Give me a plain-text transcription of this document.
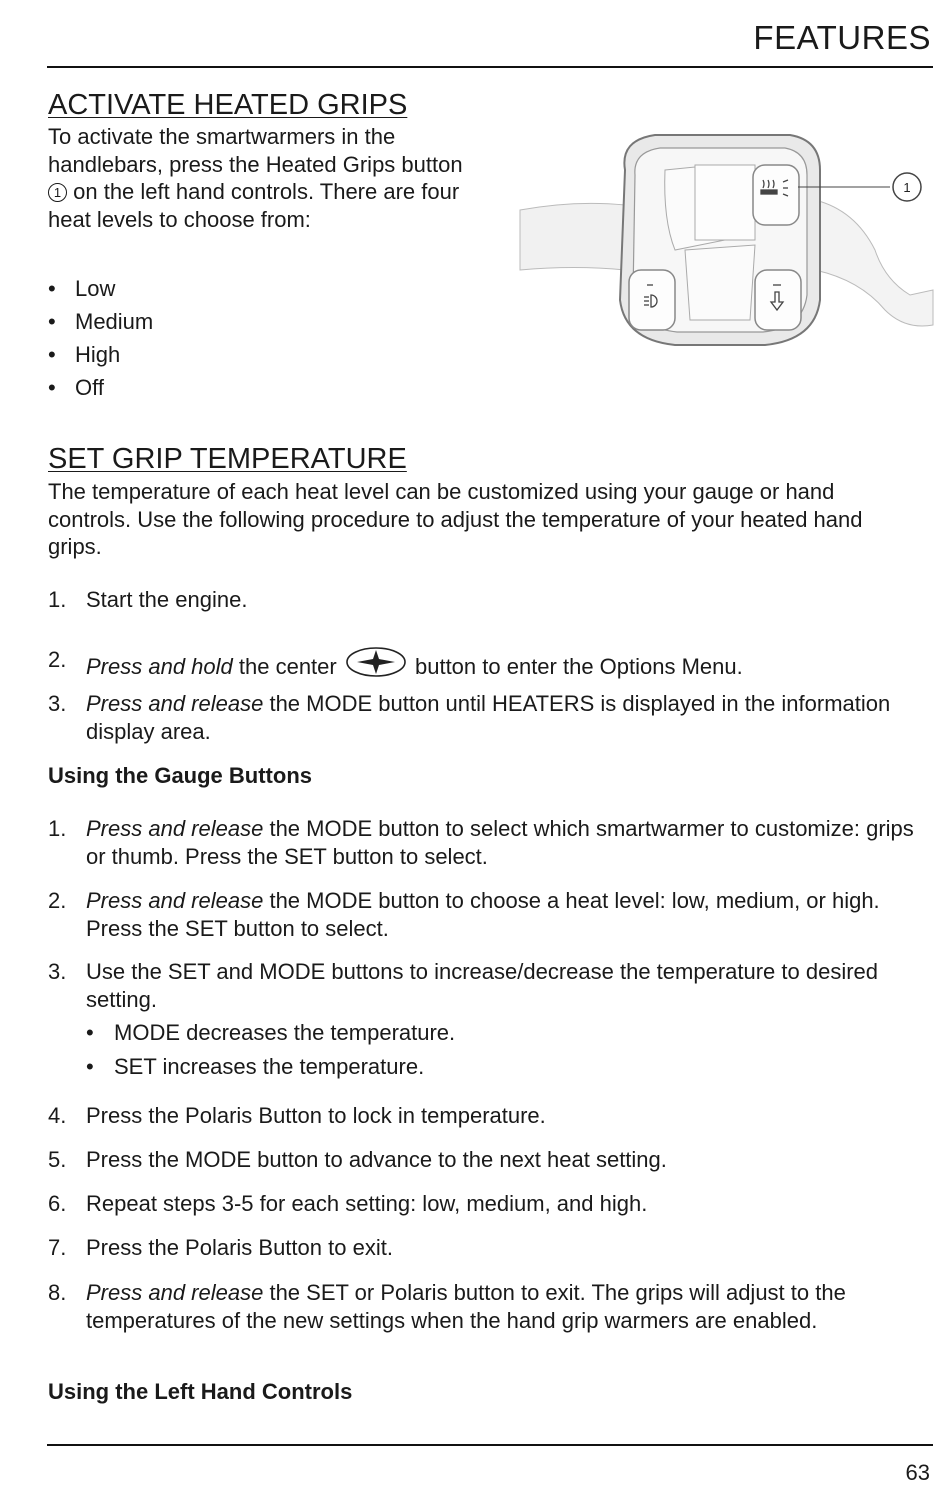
FEATURES
ACTIVATE HEATED GRIPS

To activate the smartwarmers in the handlebars, press the Heated Grips button 1 on the left hand controls. There are four heat levels to choose from:

• Low
• Medium
• High
• Off
1
SET GRIP TEMPERATURE

The temperature of each heat level can be customized using your gauge or hand controls. Use the following procedure to adjust the temperature of your heated hand grips.

1. Start the engine.
2. Press and hold the center	button to enter the Options Menu.
3. Press and release the MODE button until HEATERS is displayed in the information display area.
Using the Gauge Buttons
1. Press and release the MODE button to select which smartwarmer to customize: grips or thumb. Press the SET button to select.
2. Press and release the MODE button to choose a heat level: low, medium, or high. Press the SET button to select.
3. Use the SET and MODE buttons to increase/decrease the temperature to desired setting.
• MODE decreases the temperature.
• SET increases the temperature.
4. Press the Polaris Button to lock in temperature.
5. Press the MODE button to advance to the next heat setting.
6. Repeat steps 3-5 for each setting: low, medium, and high.
7. Press the Polaris Button to exit.
8. Press and release the SET or Polaris button to exit. The grips will adjust to the temperatures of the new settings when the hand grip warmers are enabled.
Using the Left Hand Controls
63
